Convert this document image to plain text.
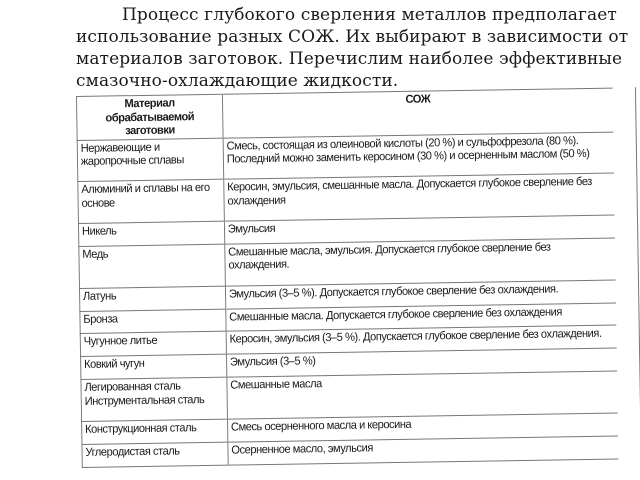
Процесс глубокого сверления металлов предполагает использование разных СОЖ. Их выбирают в зависимости от материалов заготовок. Перечислим наиболее эффективные смазочно-охлаждающие жидкости.

Материал обрабатываемой заготовки	СОЖ
Нержавеющие и жаропрочные сплавы	Смесь, состоящая из олеиновой кислоты (20 %) и сульфофрезола (80 %). Последний можно заменить керосином (30 %) и осерненным маслом (50 %)
Алюминий и сплавы на его основе	Керосин, эмульсия, смешанные масла. Допускается глубокое сверление без охлаждения
Никель	Эмульсия
Медь	Смешанные масла, эмульсия. Допускается глубокое сверление без охлаждения.
Латунь	Эмульсия (3–5 %). Допускается глубокое сверление без охлаждения.
Бронза	Смешанные масла. Допускается глубокое сверление без охлаждения
Чугунное литье	Керосин, эмульсия (3–5 %). Допускается глубокое сверление без охлаждения.
Ковкий чугун	Эмульсия (3–5 %)
Легированная сталь Инструментальная сталь	Смешанные масла
Конструкционная сталь	Смесь осерненного масла и керосина
Углеродистая сталь	Осерненное масло, эмульсия
